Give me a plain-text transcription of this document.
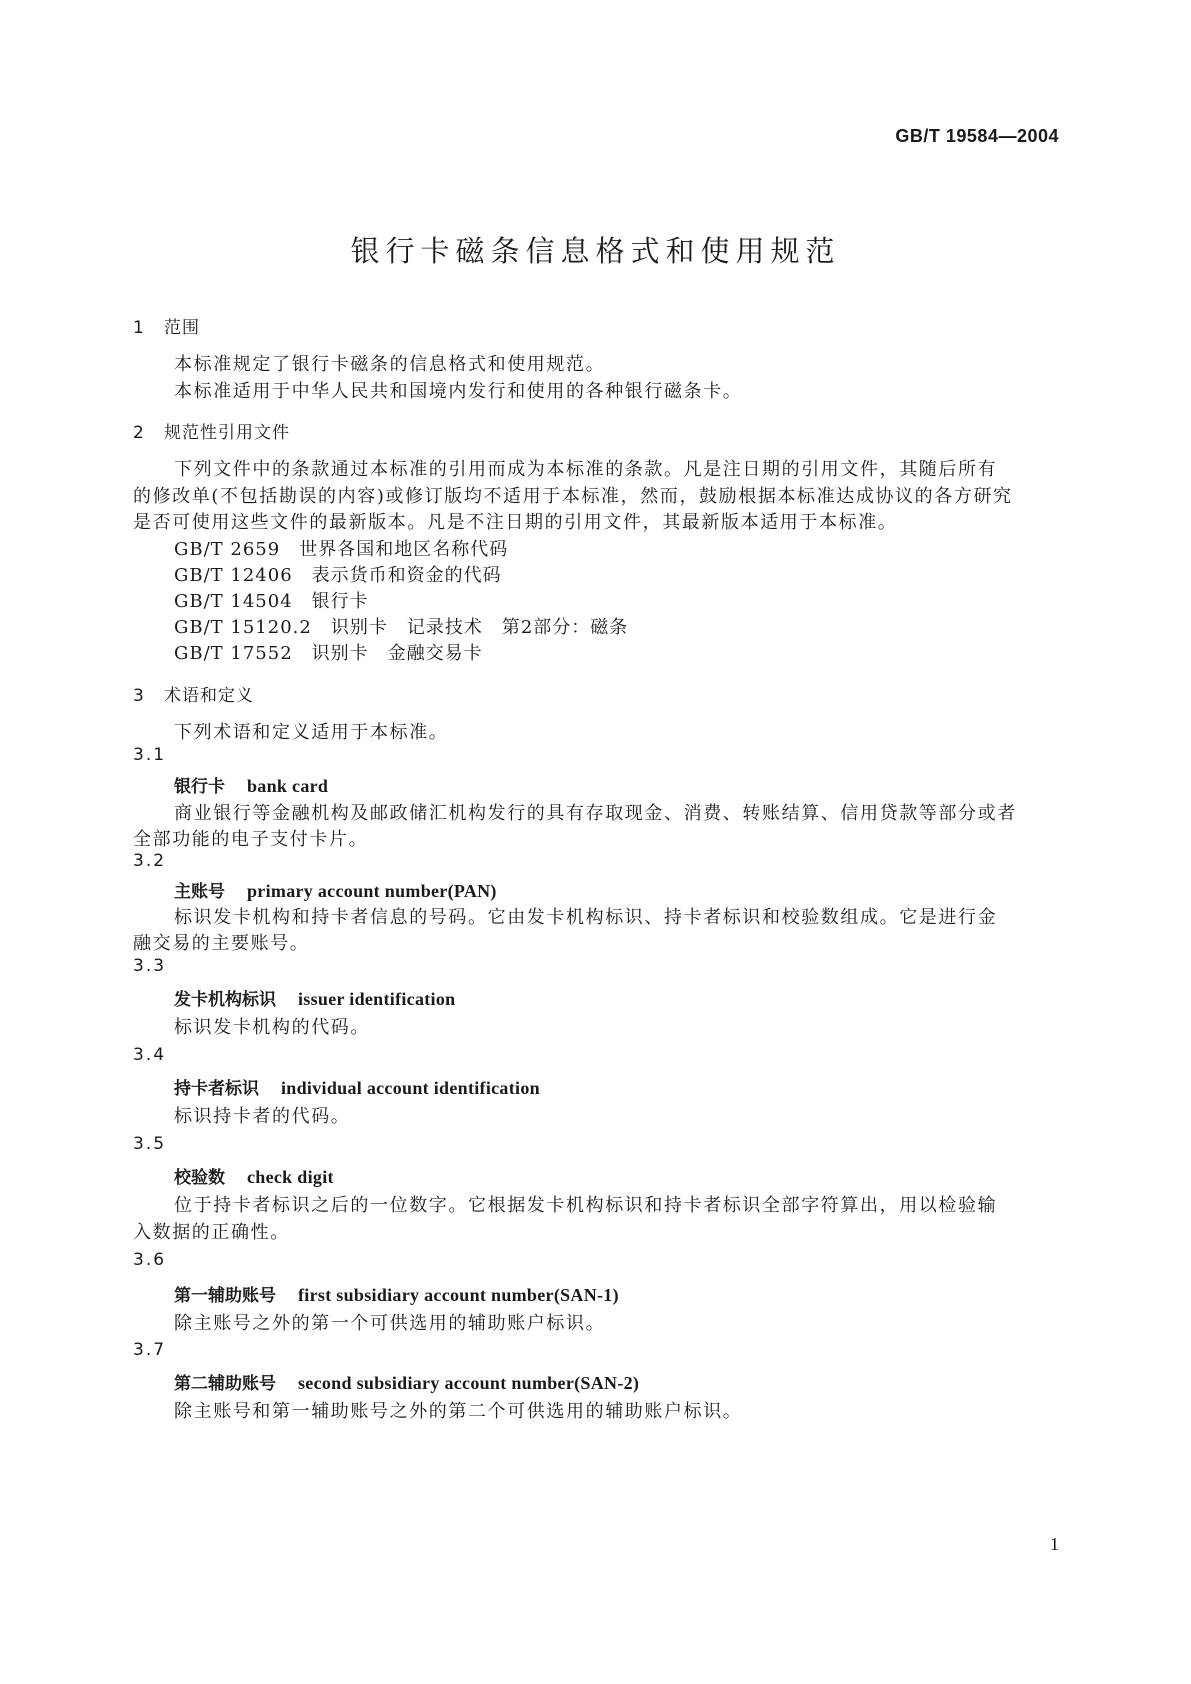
GB/T 19584—2004
银行卡磁条信息格式和使用规范
1 范围
本标准规定了银行卡磁条的信息格式和使用规范。
本标准适用于中华人民共和国境内发行和使用的各种银行磁条卡。
2 规范性引用文件
下列文件中的条款通过本标准的引用而成为本标准的条款。凡是注日期的引用文件，其随后所有
的修改单(不包括勘误的内容)或修订版均不适用于本标准，然而，鼓励根据本标准达成协议的各方研究
是否可使用这些文件的最新版本。凡是不注日期的引用文件，其最新版本适用于本标准。
GB/T 2659　 世界各国和地区名称代码
GB/T 12406　 表示货币和资金的代码
GB/T 14504　 银行卡
GB/T 15120.2　 识别卡　记录技术　第2部分：磁条
GB/T 17552　 识别卡　金融交易卡
3 术语和定义
下列术语和定义适用于本标准。
3.1
银行卡 bank card
商业银行等金融机构及邮政储汇机构发行的具有存取现金、消费、转账结算、信用贷款等部分或者
全部功能的电子支付卡片。
3.2
主账号 primary account number(PAN)
标识发卡机构和持卡者信息的号码。它由发卡机构标识、持卡者标识和校验数组成。它是进行金
融交易的主要账号。
3.3
发卡机构标识 issuer identification
标识发卡机构的代码。
3.4
持卡者标识 individual account identification
标识持卡者的代码。
3.5
校验数 check digit
位于持卡者标识之后的一位数字。它根据发卡机构标识和持卡者标识全部字符算出，用以检验输
入数据的正确性。
3.6
第一辅助账号 first subsidiary account number(SAN-1)
除主账号之外的第一个可供选用的辅助账户标识。
3.7
第二辅助账号 second subsidiary account number(SAN-2)
除主账号和第一辅助账号之外的第二个可供选用的辅助账户标识。
1
